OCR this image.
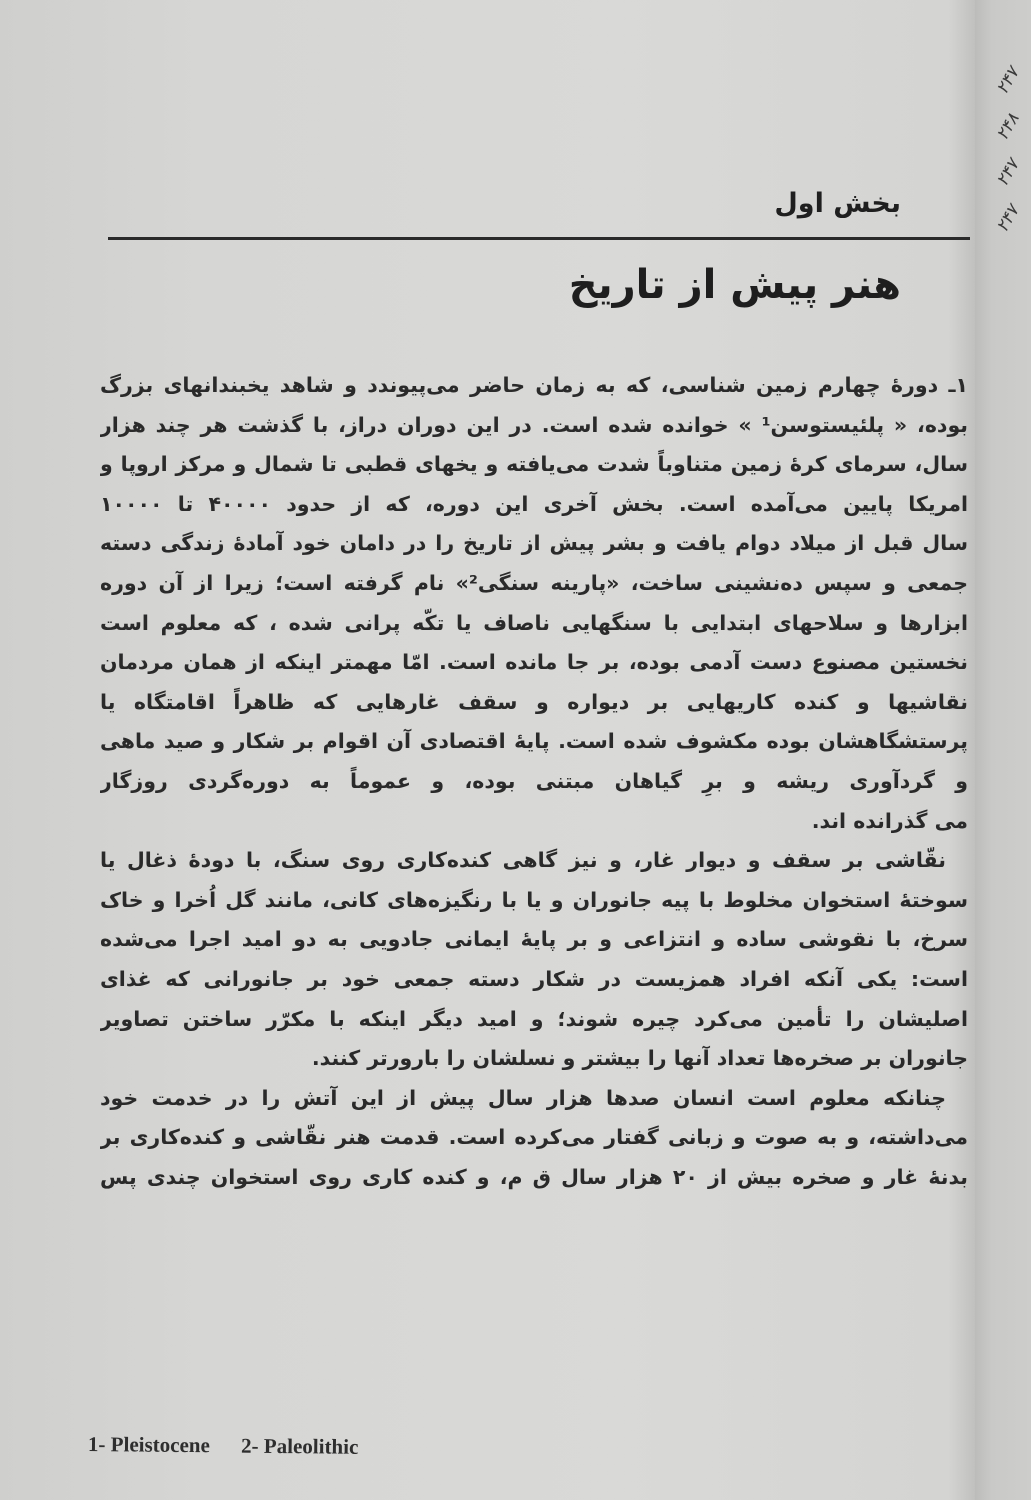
بخش اول
هنر پیش از تاریخ
۱ـ دورهٔ چهارم زمین شناسی، که به زمان حاضر می‌پیوندد و شاهد یخبندانهای بزرگ
بوده، « پلئیستوسن¹ » خوانده شده است. در این دوران دراز، با گذشت هر چند هزار
سال، سرمای کرهٔ زمین متناوباً شدت می‌یافته و یخهای قطبی تا شمال و مرکز اروپا و
امریکا پایین می‌آمده است. بخش آخری این دوره، که از حدود ۴۰۰۰۰ تا ۱۰۰۰۰
سال قبل از میلاد دوام یافت و بشر پیش از تاریخ را در دامان خود آمادهٔ زندگی دسته
جمعی و سپس ده‌نشینی ساخت، «پارینه سنگی²» نام گرفته است؛ زیرا از آن دوره
ابزارها و سلاحهای ابتدایی با سنگهایی ناصاف یا تکّه پرانی شده ، که معلوم است
نخستین مصنوع دست آدمی بوده، بر جا مانده است. امّا مهمتر اینکه از همان مردمان
نقاشیها و کنده کاریهایی بر دیواره و سقف غارهایی که ظاهراً اقامتگاه یا
پرستشگاهشان بوده مکشوف شده است. پایهٔ اقتصادی آن اقوام بر شکار و صید ماهی
و گردآوری ریشه و برِ گیاهان مبتنی بوده، و عموماً به دوره‌گردی روزگار
می گذرانده اند.
نقّاشی بر سقف و دیوار غار، و نیز گاهی کنده‌کاری روی سنگ، با دودهٔ ذغال یا
سوختهٔ استخوان مخلوط با پیه جانوران و یا با رنگیزه‌های کانی، مانند گل اُخرا و خاک
سرخ، با نقوشی ساده و انتزاعی و بر پایهٔ ایمانی جادویی به دو امید اجرا می‌شده
است: یکی آنکه افراد همزیست در شکار دسته جمعی خود بر جانورانی که غذای
اصلیشان را تأمین می‌کرد چیره شوند؛ و امید دیگر اینکه با مکرّر ساختن تصاویر
جانوران بر صخره‌ها تعداد آنها را بیشتر و نسلشان را بارورتر کنند.
چنانکه معلوم است انسان صدها هزار سال پیش از این آتش را در خدمت خود
می‌داشته، و به صوت و زبانی گفتار می‌کرده است. قدمت هنر نقّاشی و کنده‌کاری بر
بدنهٔ غار و صخره بیش از ۲۰ هزار سال ق م، و کنده کاری روی استخوان چندی پس
1- Pleistocene 2- Paleolithic
۲۴۷
۲۴۸
۲۴۷
۲۴۷
